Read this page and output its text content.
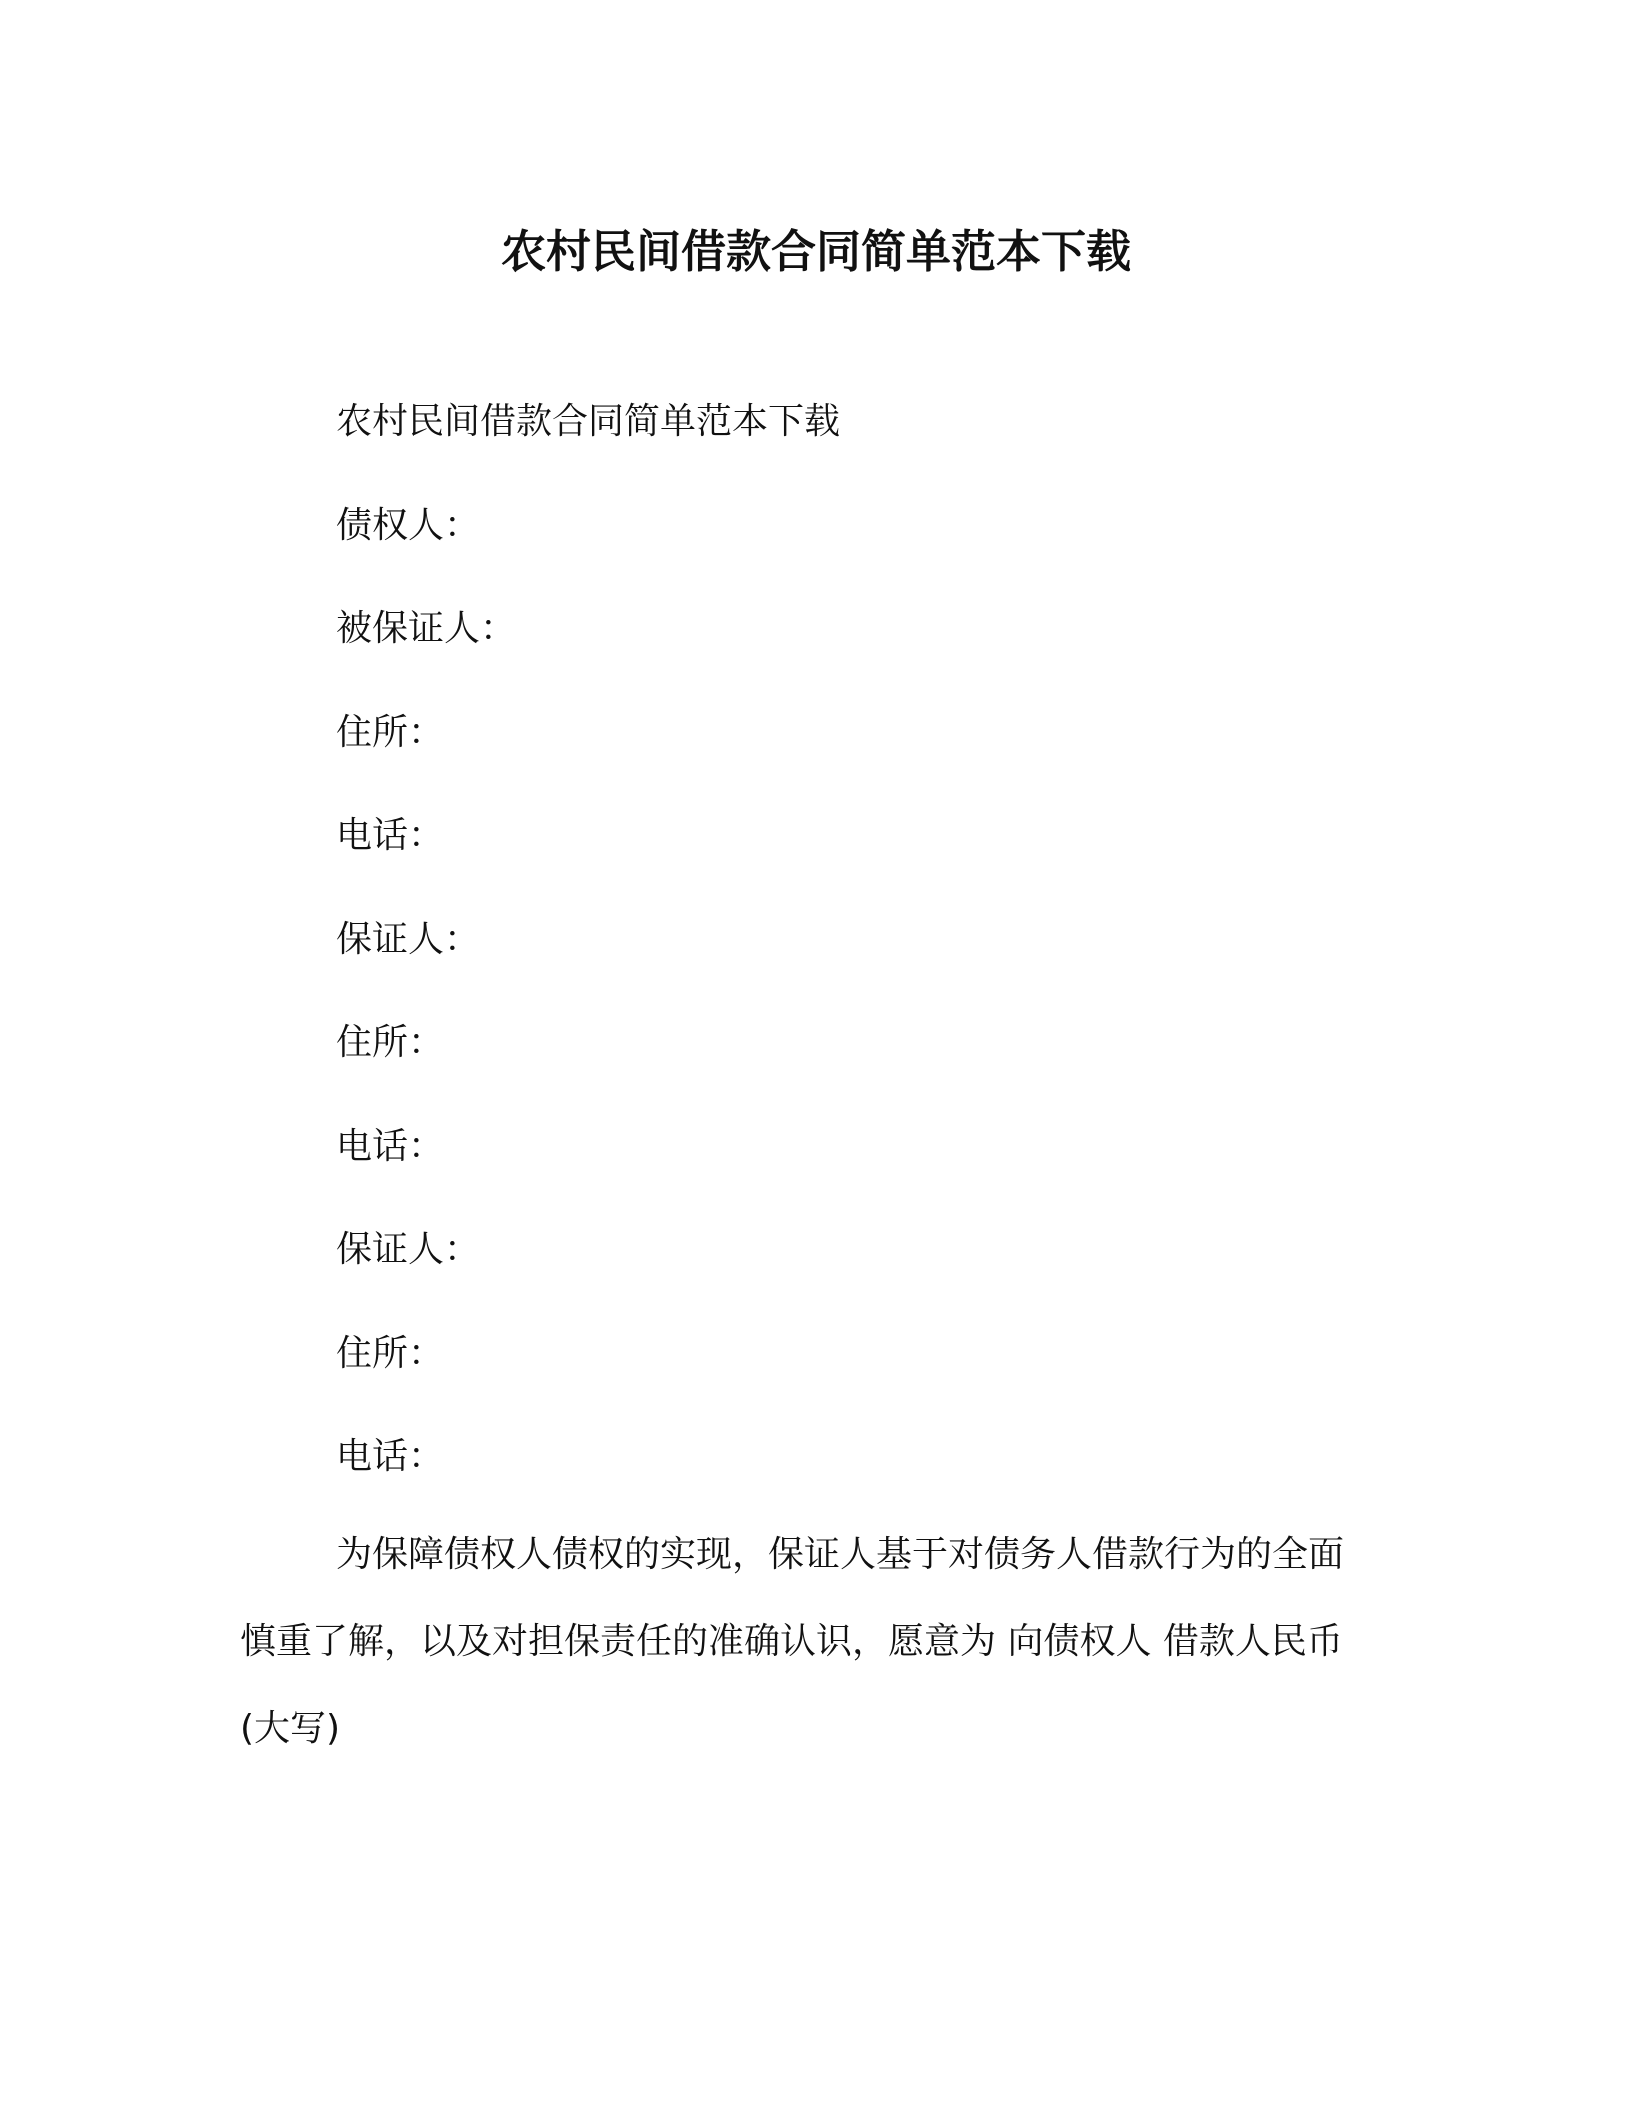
农村民间借款合同简单范本下载
农村民间借款合同简单范本下载
债权人：
被保证人：
住所：
电话：
保证人：
住所：
电话：
保证人：
住所：
电话：
为保障债权人债权的实现，保证人基于对债务人借款行为的全面
慎重了解，以及对担保责任的准确认识，愿意为 向债权人 借款人民币
(大写)
